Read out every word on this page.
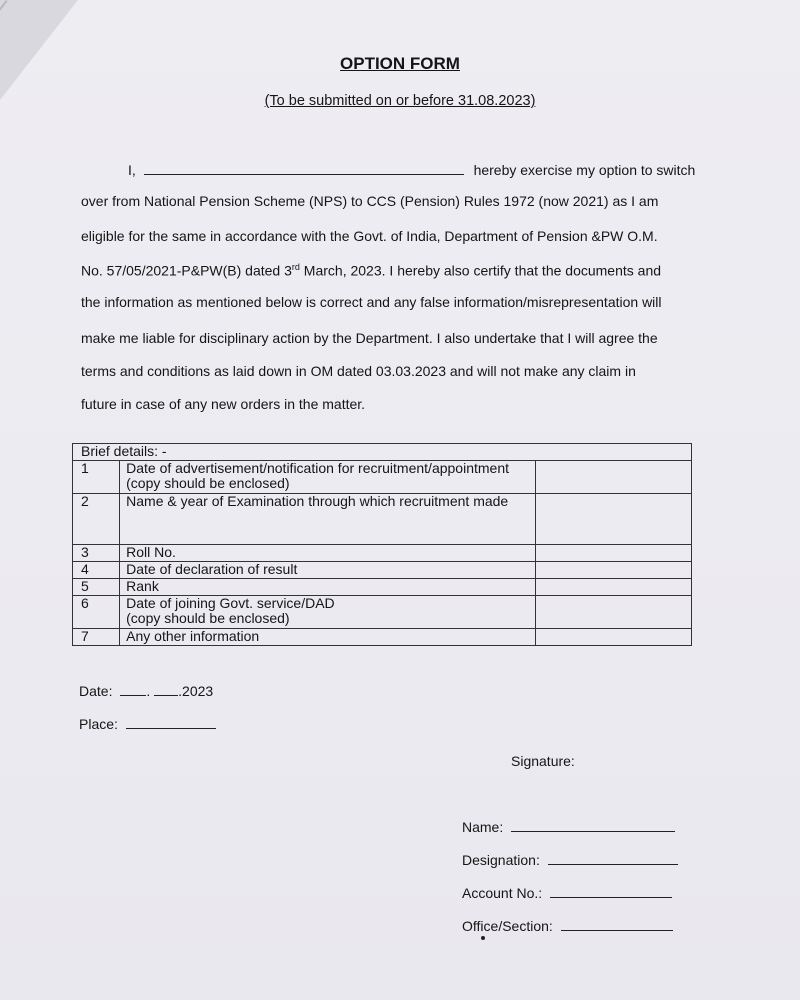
OPTION FORM
(To be submitted on or before 31.08.2023)
I,	hereby exercise my option to switch
over from National Pension Scheme (NPS) to CCS (Pension) Rules 1972 (now 2021) as I am
eligible for the same in accordance with the Govt. of India, Department of Pension &PW O.M.
No. 57/05/2021-P&PW(B) dated 3rd March, 2023. I hereby also certify that the documents and
the information as mentioned below is correct and any false information/misrepresentation will
make me liable for disciplinary action by the Department. I also undertake that I will agree the
terms and conditions as laid down in OM dated 03.03.2023 and will not make any claim in
future in case of any new orders in the matter.
Brief details: -		
1	Date of advertisement/notification for recruitment/appointment
(copy should be enclosed)	

2	Name & year of Examination through which recruitment made	

3	Roll No.	
4	Date of declaration of result	
5	Rank	
6	Date of joining Govt. service/DAD
(copy should be enclosed)	

7	Any other information	
Date: . .2023
Place:
Signature:
Name:
Designation:
Account No.:
Office/Section:
